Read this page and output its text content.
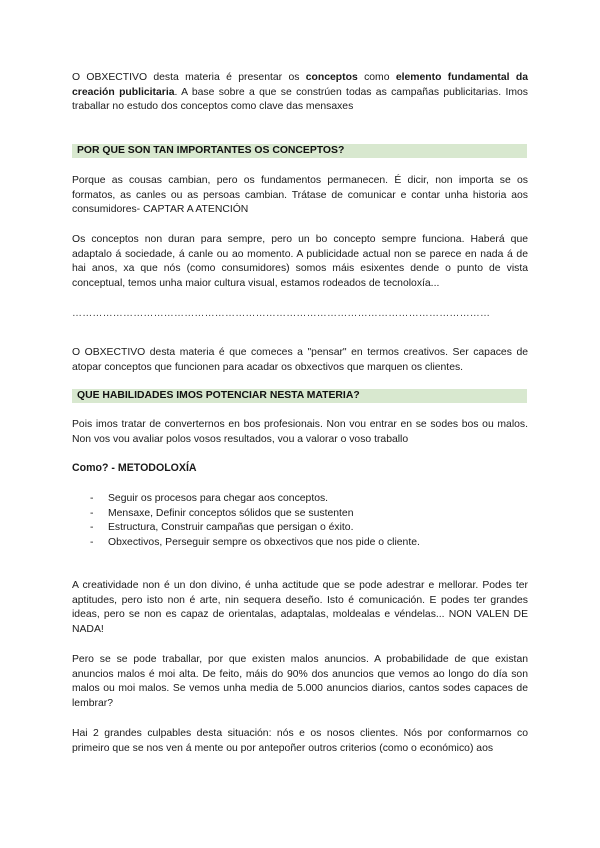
O OBXECTIVO desta materia é presentar os conceptos como elemento fundamental da creación publicitaria. A base sobre a que se constrúen todas as campañas publicitarias. Imos traballar no estudo dos conceptos como clave das mensaxes
POR QUE SON TAN IMPORTANTES OS CONCEPTOS?
Porque as cousas cambian, pero os fundamentos permanecen. É dicir, non importa se os formatos, as canles ou as persoas cambian. Trátase de comunicar e contar unha historia aos consumidores- CAPTAR A ATENCIÓN
Os conceptos non duran para sempre, pero un bo concepto sempre funciona. Haberá que adaptalo á sociedade, á canle ou ao momento. A publicidade actual non se parece en nada á de hai anos, xa que nós (como consumidores) somos máis esixentes dende o punto de vista conceptual, temos unha maior cultura visual, estamos rodeados de tecnoloxía...
……………………………………………………………………………………………………………
O OBXECTIVO desta materia é que comeces a "pensar" en termos creativos. Ser capaces de atopar conceptos que funcionen para acadar os obxectivos que marquen os clientes.
QUE HABILIDADES IMOS POTENCIAR NESTA MATERIA?
Pois imos tratar de converternos en bos profesionais. Non vou entrar en se sodes bos ou malos. Non vos vou avaliar polos vosos resultados, vou a valorar o voso traballo
Como? - METODOLOXÍA
- Seguir os procesos para chegar aos conceptos.
- Mensaxe, Definir conceptos sólidos que se sustenten
- Estructura, Construir campañas que persigan o éxito.
- Obxectivos, Perseguir sempre os obxectivos que nos pide o cliente.
A creatividade non é un don divino, é unha actitude que se pode adestrar e mellorar. Podes ter aptitudes, pero isto non é arte, nin sequera deseño. Isto é comunicación. E podes ter grandes ideas, pero se non es capaz de orientalas, adaptalas, moldealas e véndelas... NON VALEN DE NADA!
Pero se se pode traballar, por que existen malos anuncios. A probabilidade de que existan anuncios malos é moi alta. De feito, máis do 90% dos anuncios que vemos ao longo do día son malos ou moi malos. Se vemos unha media de 5.000 anuncios diarios, cantos sodes capaces de lembrar?
Hai 2 grandes culpables desta situación: nós e os nosos clientes. Nós por conformarnos co primeiro que se nos ven á mente ou por antepoñer outros criterios (como o económico) aos
